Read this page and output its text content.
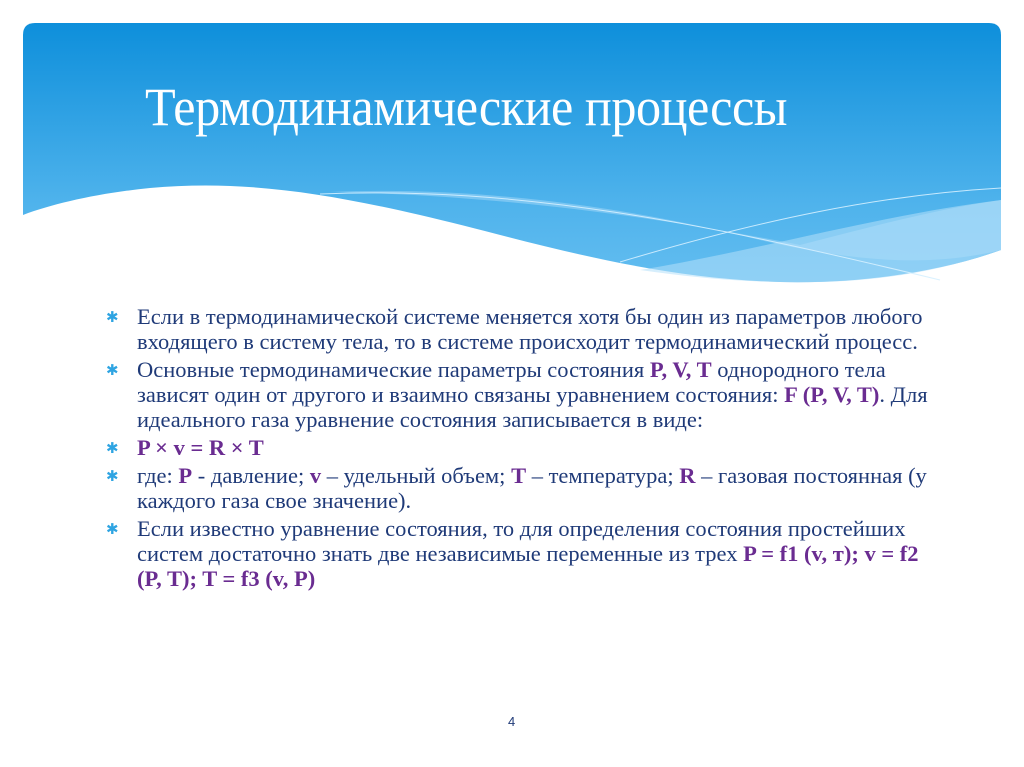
Термодинамические процессы
✱ Если в термодинамической системе меняется хотя бы один из параметров любого входящего в систему тела, то в системе происходит термодинамический процесс.
✱ Основные термодинамические параметры состояния P, V, T однородного тела зависят один от другого и взаимно связаны уравнением состояния: F (P, V, T). Для идеального газа уравнение состояния записывается в виде:
✱ P × v = R × T
✱ где: P - давление; v – удельный объем; T – температура; R – газовая постоянная (у каждого газа свое значение).
✱ Если известно уравнение состояния, то для определения состояния простейших систем достаточно знать две независимые переменные из трех P = f1 (v, т); v = f2 (P, T); T = f3 (v, P)
4
